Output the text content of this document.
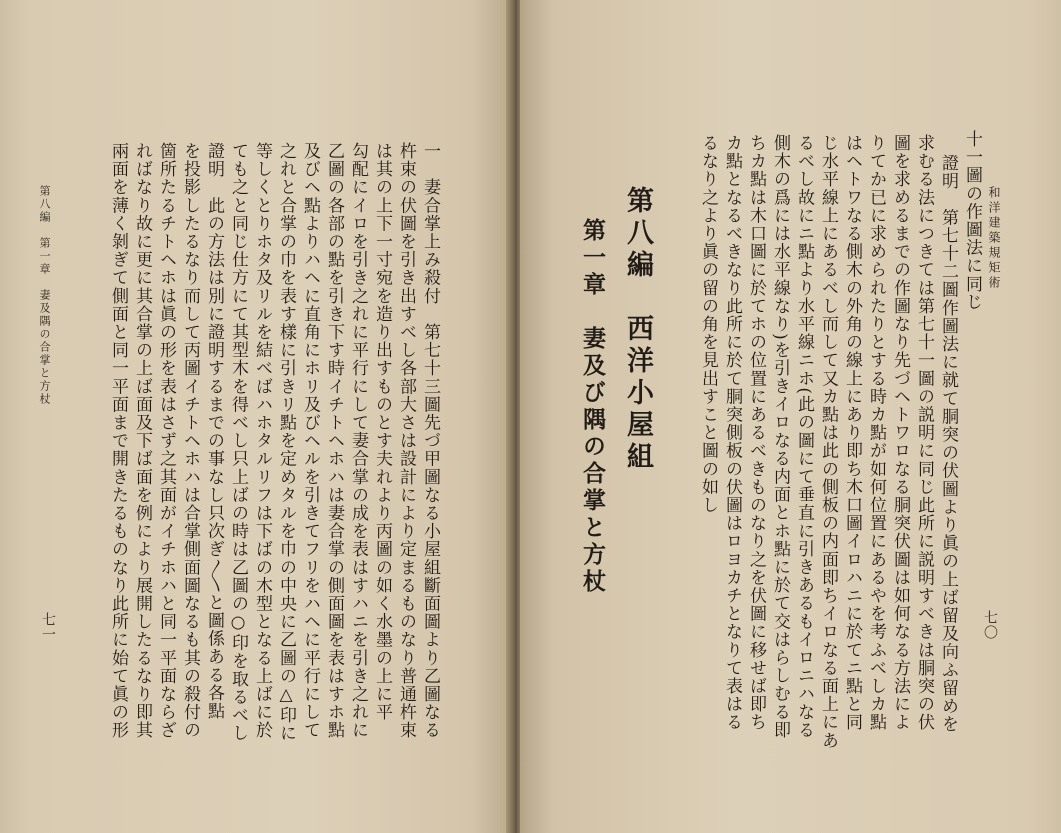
第八編　第一章　妻及隅の合掌と方杖	一　妻合掌上み殺付　第七十三圖先づ甲圖なる小屋組斷面圖より乙圖なる
杵束の伏圖を引き出すべし各部大さは設計により定まるものなり普通杵束
は其の上下一寸宛を造り出すものとす夫れより丙圖の如く水墨の上に平
勾配にイロを引き之れに平行にして妻合掌の成を表はすハニを引き之れに
乙圖の各部の點を引き下す時イチトヘホハは妻合掌の側面圖を表はすホ點
及びヘ點よりハヘに直角にホリ及びヘルを引きてフリをハヘに平行にして
之れと合掌の巾を表す樣に引きリ點を定めタルを巾の中央に乙圖の△印に
等しくとりホタ及リルを結べばハホタルリフは下ばの木型となる上ばに於
ても之と同じ仕方にて其型木を得べし只上ばの時は乙圖の○印を取るべし
證明　此の方法は別に證明するまでの事なし只次ぎ〱と圖係ある各點
を投影したるなり而して丙圖イチトヘホハは合掌側面圖なるも其の殺付の
箇所たるチトヘホは眞の形を表はさず之其面がイチホハと同一平面ならざ
ればなり故に更に其合掌の上ば面及下ば面を例により展開したるなり即其
兩面を薄く剝ぎて側面と同一平面まで開きたるものなり此所に始て眞の形
七一
和洋建築規矩術
十一圖の作圖法に同じ
證明　第七十二圖作圖法に就て胴突の伏圖より眞の上ば留及向ふ留めを
求むる法につきては第七十一圖の説明に同じ此所に説明すべきは胴突の伏
圖を求めるまでの作圖なり先づヘトワロなる胴突伏圖は如何なる方法によ
りてか已に求められたりとする時カ點が如何位置にあるやを考ふべしカ點
はヘトワなる側木の外角の線上にあり即ち木口圖イロハニに於てニ點と同
じ水平線上にあるべし而して又カ點は此の側板の内面即ちイロなる面上にあ
るべし故にニ點より水平線ニホ(此の圖にて垂直に引きあるもイロニハなる
側木の爲には水平線なり)を引きイロなる内面とホ點に於て交はらしむる即
ちカ點は木口圖に於てホの位置にあるべきものなり之を伏圖に移せば即ち
カ點となるべきなり此所に於て胴突側板の伏圖はロヨカチとなりて表はる
るなり之より眞の留の角を見出すこと圖の如し
第八編　西洋小屋組
第一章　妻及び隅の合掌と方杖
七〇
